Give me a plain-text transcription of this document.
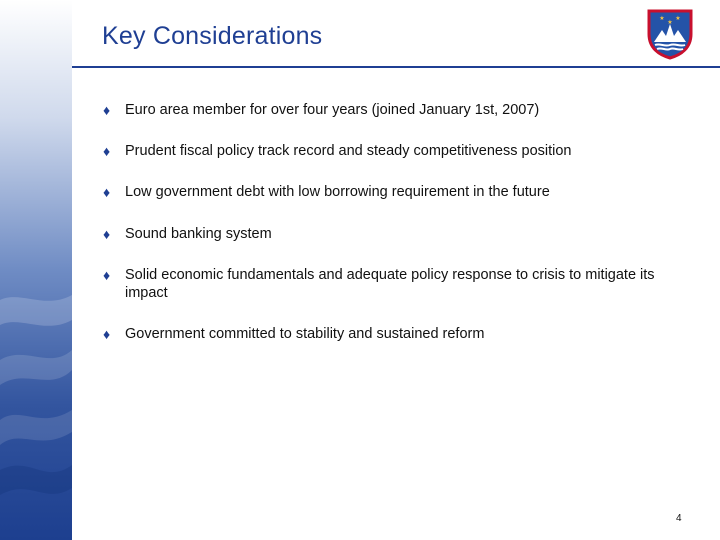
Key Considerations
★
★
★
♦	Euro area member for over four years (joined January 1st, 2007)
♦	Prudent fiscal policy track record and steady competitiveness position
♦	Low government debt with low borrowing requirement in the future
♦	Sound banking system
♦	Solid economic fundamentals and adequate policy response to crisis to mitigate its impact
♦	Government committed to stability and sustained reform
4
